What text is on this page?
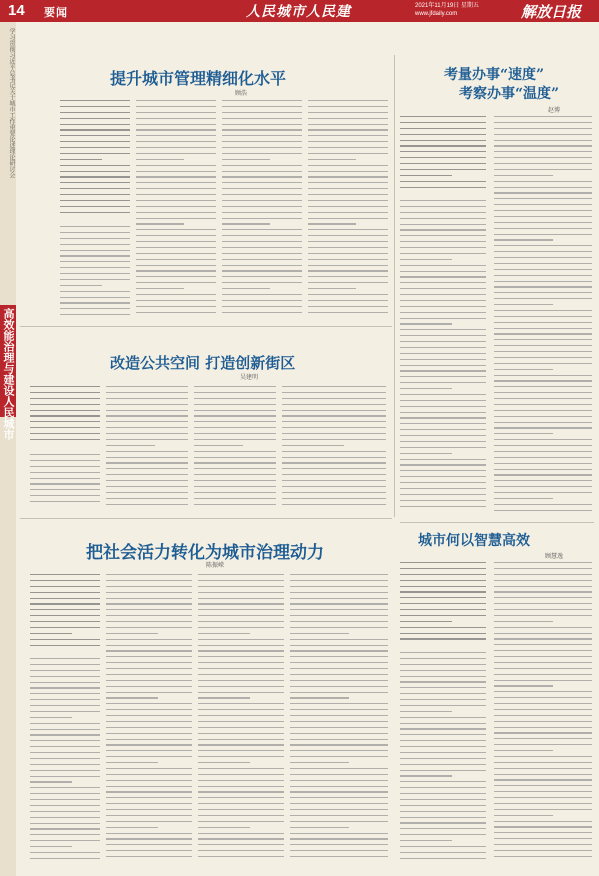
14 要闻	人民城市人民建	2021年11月19日 星期五
www.jfdaily.com	解放日报
学习贯彻习近平总书记关于城市工作重要论述理论研讨会
高效能治理与建设人民城市
提升城市管理精细化水平
顾浩
考量办事“速度”
考察办事“温度”
赵博
改造公共空间 打造创新街区
吴建明
城市何以智慧高效
顾慧逸
把社会活力转化为城市治理动力
陈振嵘
